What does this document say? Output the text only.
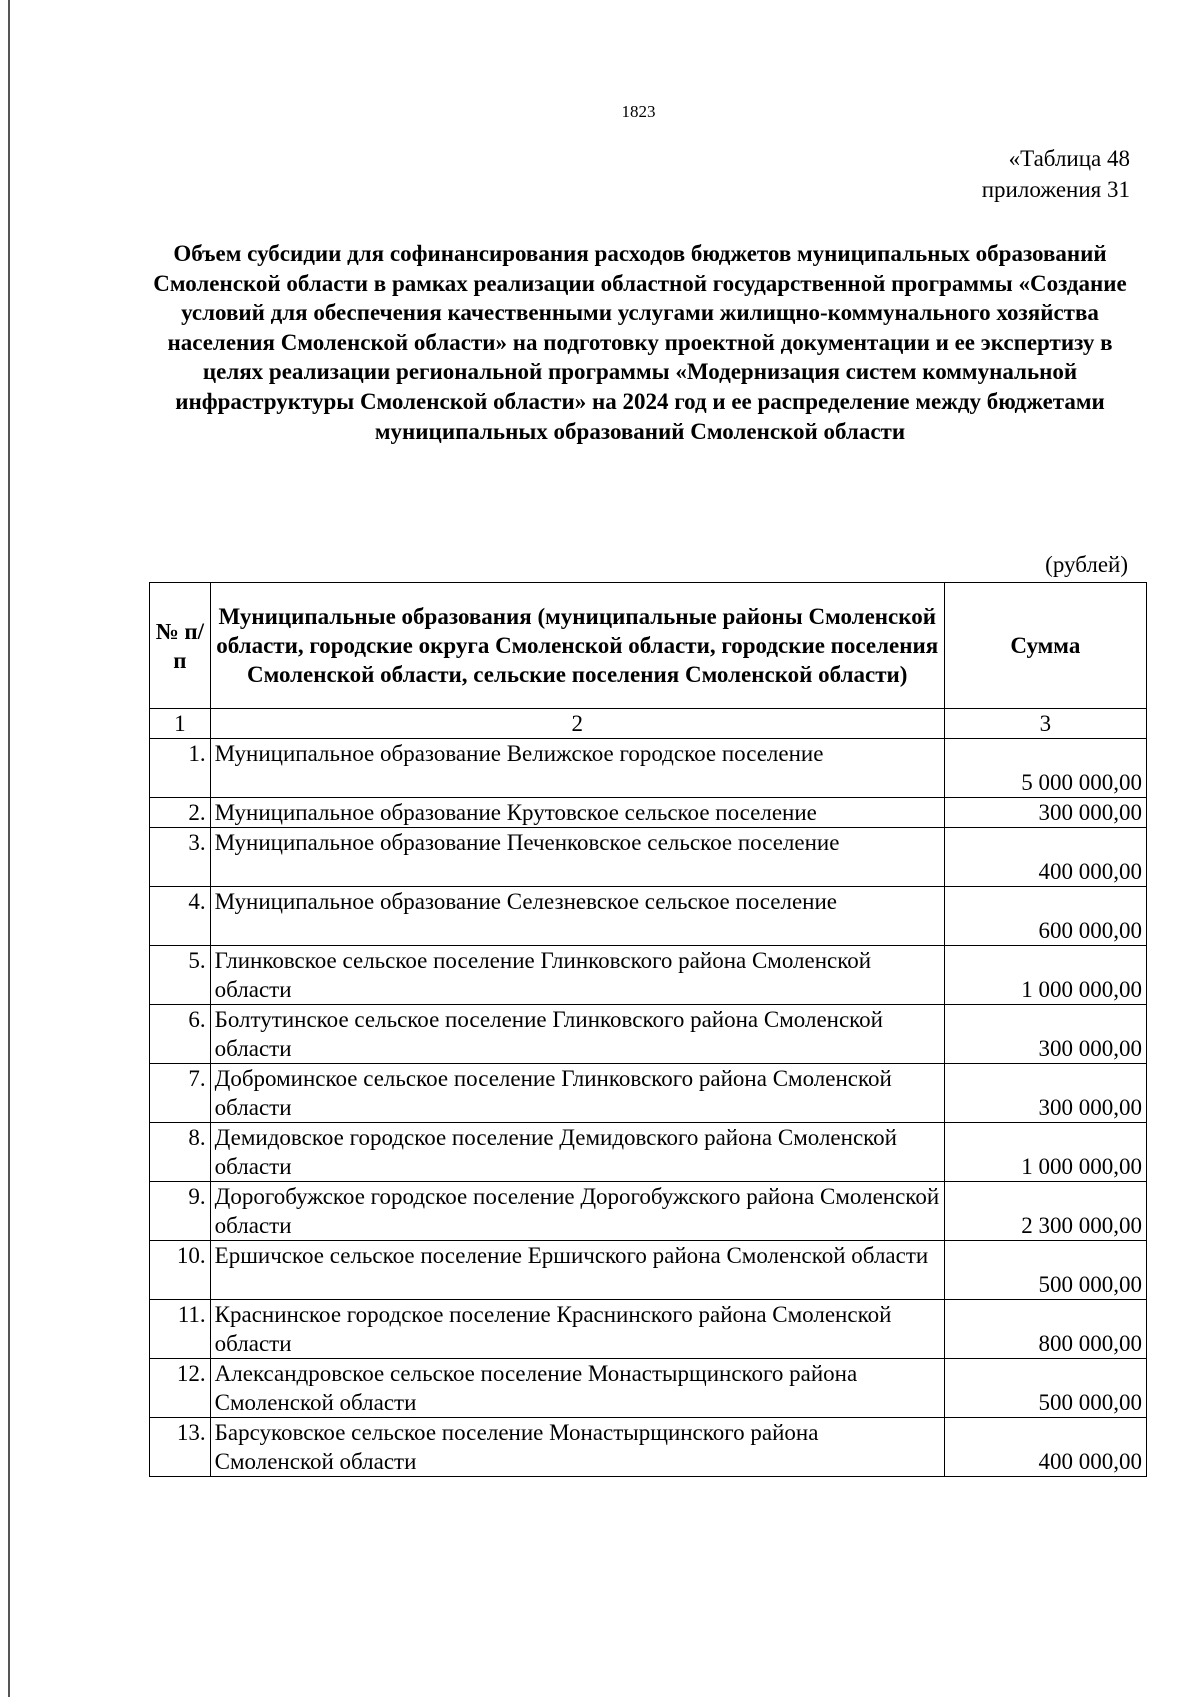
1823
«Таблица 48
приложения 31
Объем субсидии для софинансирования расходов бюджетов муниципальных образований Смоленской области в рамках реализации областной государственной программы «Создание условий для обеспечения качественными услугами жилищно-коммунального хозяйства населения Смоленской области» на подготовку проектной документации и ее экспертизу в целях реализации региональной программы «Модернизация систем коммунальной инфраструктуры Смоленской области» на 2024 год и ее распределение между бюджетами муниципальных образований Смоленской области
(рублей)
№ п/п	Муниципальные образования (муниципальные районы Смоленской области, городские округа Смоленской области, городские поселения Смоленской области, сельские поселения Смоленской области)	Сумма
1	2	3
1.	Муниципальное образование Велижское городское поселение	5 000 000,00
2.	Муниципальное образование Крутовское сельское поселение	300 000,00
3.	Муниципальное образование Печенковское сельское поселение	400 000,00
4.	Муниципальное образование Селезневское сельское поселение	600 000,00
5.	Глинковское сельское поселение Глинковского района Смоленской области	1 000 000,00
6.	Болтутинское сельское поселение Глинковского района Смоленской области	300 000,00
7.	Доброминское сельское поселение Глинковского района Смоленской области	300 000,00
8.	Демидовское городское поселение Демидовского района Смоленской области	1 000 000,00
9.	Дорогобужское городское поселение Дорогобужского района Смоленской области	2 300 000,00
10.	Ершичское сельское поселение Ершичского района Смоленской области	500 000,00
11.	Краснинское городское поселение Краснинского района Смоленской области	800 000,00
12.	Александровское сельское поселение Монастырщинского района Смоленской области	500 000,00
13.	Барсуковское сельское поселение Монастырщинского района Смоленской области	400 000,00
